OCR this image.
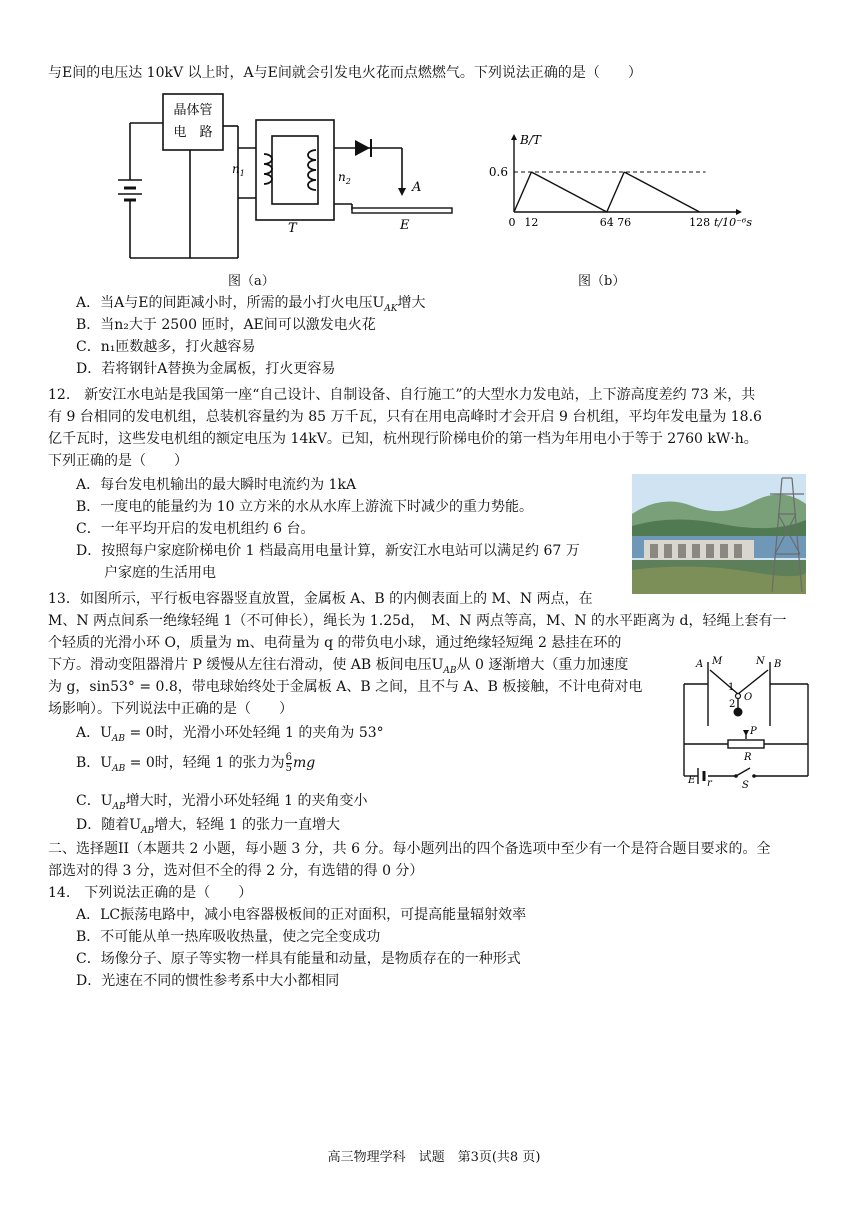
与E间的电压达 10kV 以上时，A与E间就会引发电火花而点燃燃气。下列说法正确的是（　　）
晶体管
电　路
$n_1$	$n_2$
T
A
E
图（a）
0 12	64 76	128
B/T
0.6
t/10⁻⁶s
图（b）
A．当A与E的间距减小时，所需的最小打火电压$U_{AK}$增大
B．当n₂大于 2500 匝时，AE间可以激发电火花
C．n₁匝数越多，打火越容易
D．若将钢针A替换为金属板，打火更容易
12.　新安江水电站是我国第一座“自己设计、自制设备、自行施工”的大型水力发电站，上下游高度差约 73 米，共
有 9 台相同的发电机组，总装机容量约为 85 万千瓦，只有在用电高峰时才会开启 9 台机组，平均年发电量为 18.6
亿千瓦时，这些发电机组的额定电压为 14kV。已知，杭州现行阶梯电价的第一档为年用电小于等于 2760 kW·h。
下列正确的是（　　）
A．每台发电机输出的最大瞬时电流约为 1kA
B．一度电的能量约为 10 立方米的水从水库上游流下时减少的重力势能。
C．一年平均开启的发电机组约 6 台。
D．按照每户家庭阶梯电价 1 档最高用电量计算，新安江水电站可以满足约 67 万
户家庭的生活用电
13．如图所示，平行板电容器竖直放置，金属板 A、B 的内侧表面上的 M、N 两点，在
M、N 两点间系一绝缘轻绳 1（不可伸长），绳长为 1.25d，　M、N 两点等高，M、N 的水平距离为 d，轻绳上套有一
个轻质的光滑小环 O，质量为 m、电荷量为 q 的带负电小球，通过绝缘轻短绳 2 悬挂在环的
下方。滑动变阻器滑片 P 缓慢从左往右滑动，使 AB 板间电压$U_{AB}$从 0 逐渐增大（重力加速度
为 g，sin53° = 0.8，带电球始终处于金属板 A、B 之间，且不与 A、B 板接触，不计电荷对电
场影响）。下列说法中正确的是（　　）
A．$U_{AB} = 0$时，光滑小环处轻绳 1 的夹角为 53°
B．$U_{AB} = 0$时，轻绳 1 的张力为 $\frac{6}{5}$ mg
C．$U_{AB}$增大时，光滑小环处轻绳 1 的夹角变小
D．随着$U_{AB}$增大，轻绳 1 的张力一直增大
A M	N B
1
O
2
P
R
E r	S
二、选择题II（本题共 2 小题，每小题 3 分，共 6 分。每小题列出的四个备选项中至少有一个是符合题目要求的。全
部选对的得 3 分，选对但不全的得 2 分，有选错的得 0 分）
14.　下列说法正确的是（　　）
A．LC振荡电路中，减小电容器极板间的正对面积，可提高能量辐射效率
B．不可能从单一热库吸收热量，使之完全变成功
C．场像分子、原子等实物一样具有能量和动量，是物质存在的一种形式
D．光速在不同的惯性参考系中大小都相同
高三物理学科　试题　第3页(共8 页)
